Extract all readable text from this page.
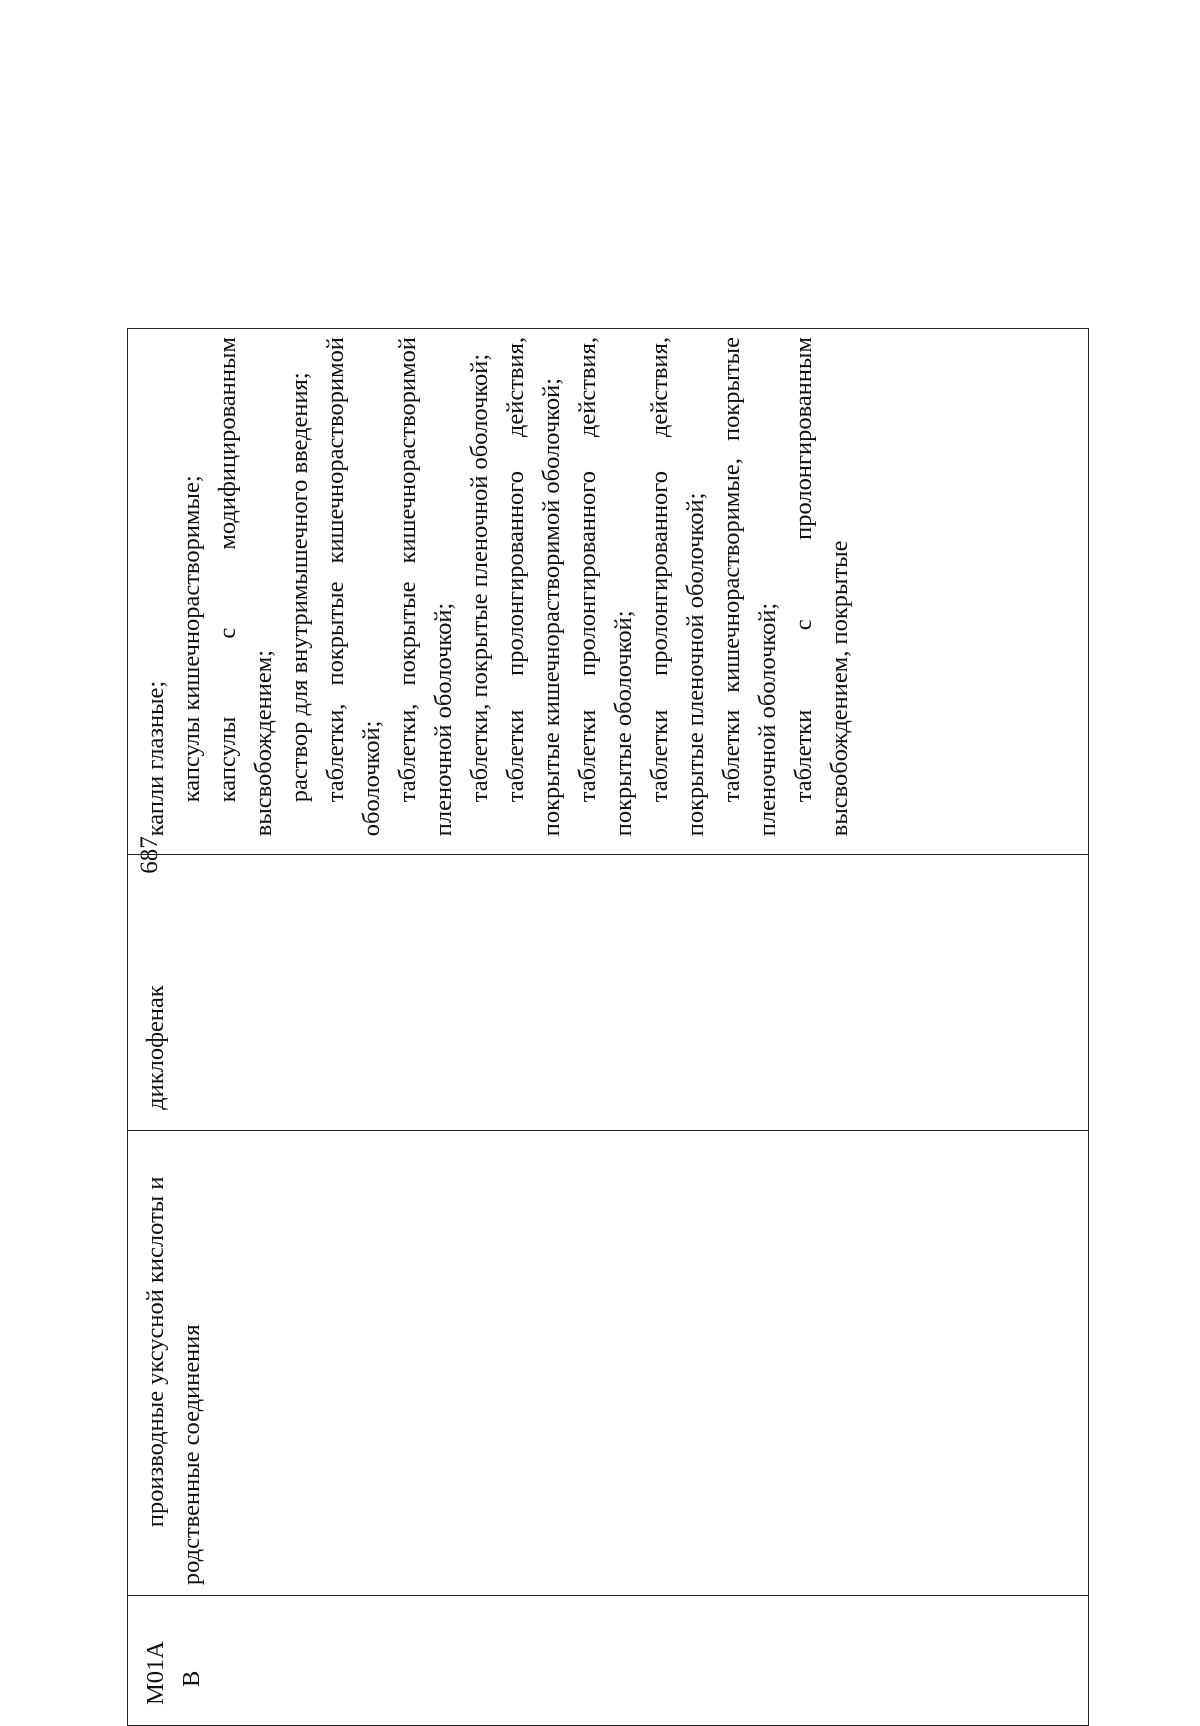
687
M01A B
производные уксусной кислоты и родственные соединения
диклофенак
капли глазные; капсулы кишечнорастворимые; капсулы с модифицированным высвобождением; раствор для внутримышечного введения; таблетки, покрытые кишечнорастворимой оболочкой; таблетки, покрытые кишечнорастворимой пленочной оболочкой; таблетки, покрытые пленочной оболочкой; таблетки пролонгированного действия, покрытые кишечнорастворимой оболочкой; таблетки пролонгированного действия, покрытые оболочкой; таблетки пролонгированного действия, покрытые пленочной оболочкой; таблетки кишечнорастворимые, покрытые пленочной оболочкой; таблетки с пролонгированным высвобождением, покрытые
